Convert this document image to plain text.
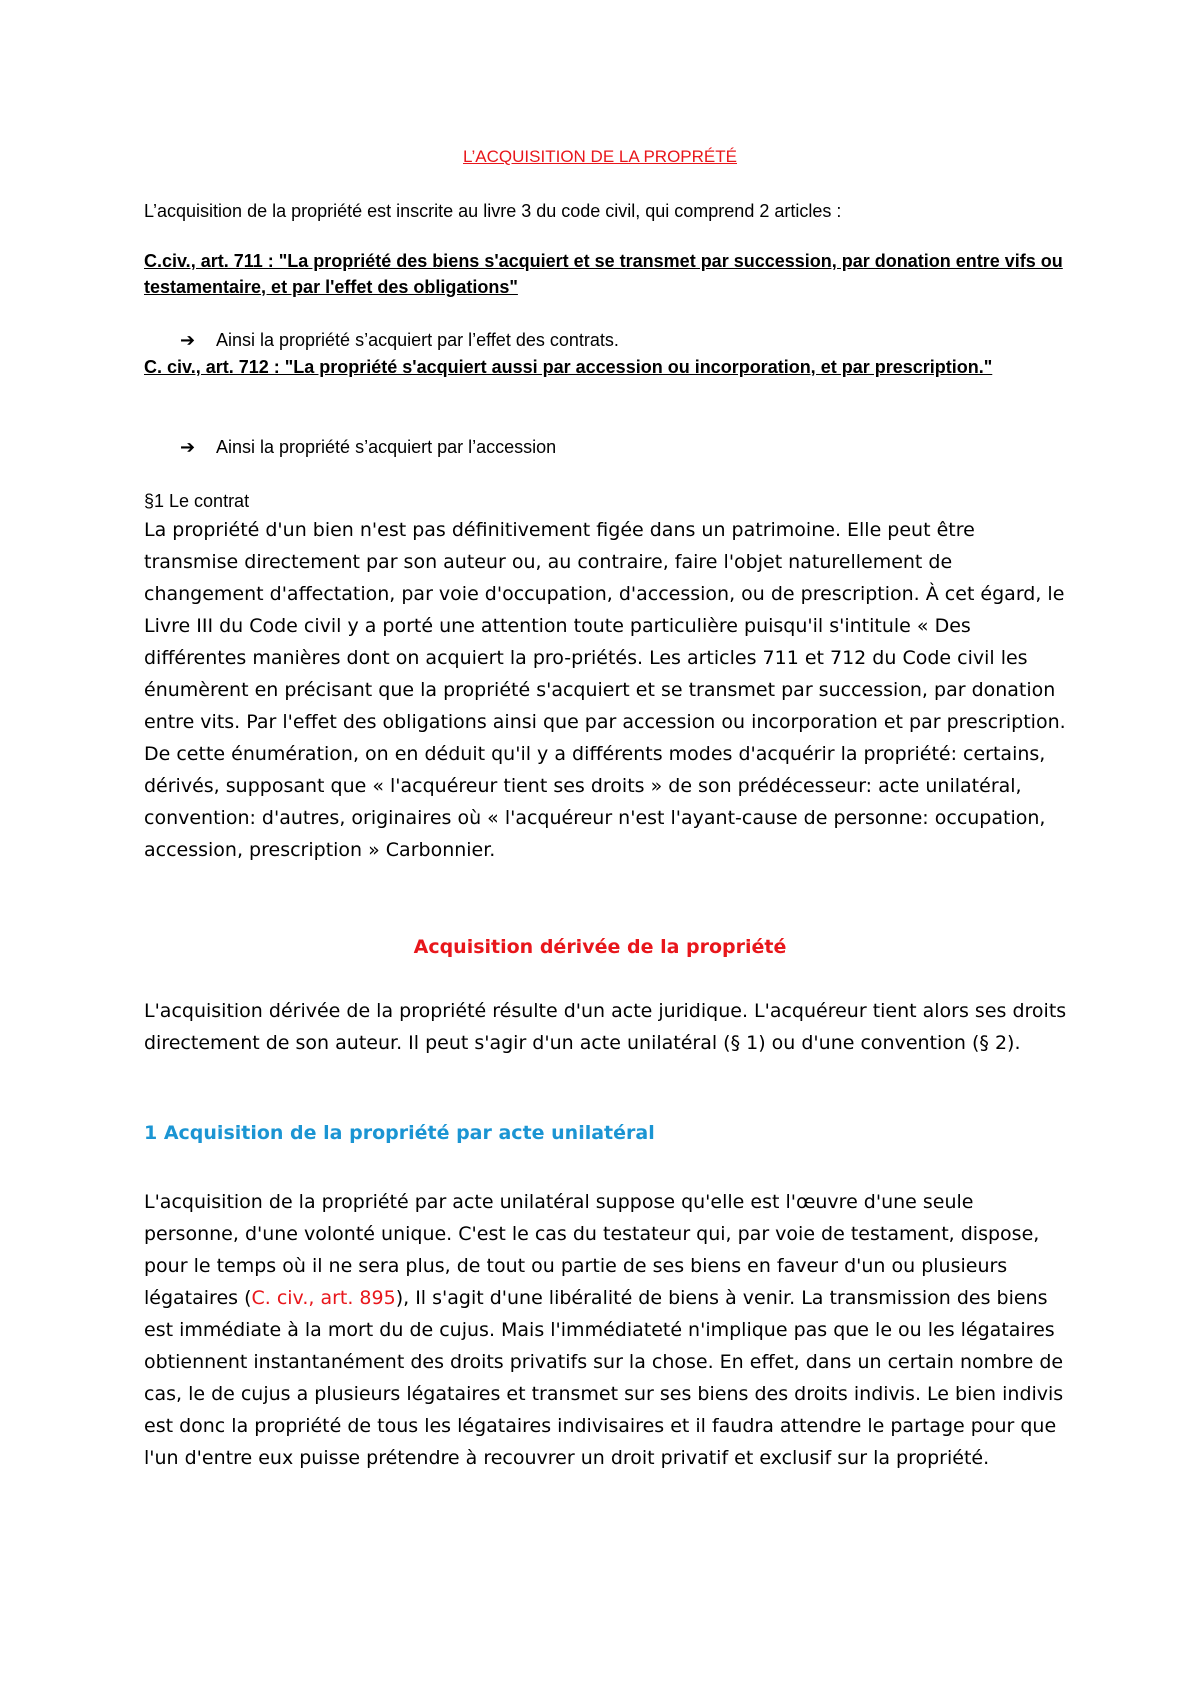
L’ACQUISITION DE LA PROPRÉTÉ

L’acquisition de la propriété est inscrite au livre 3 du code civil, qui comprend 2 articles :

C.civ., art. 711 : "La propriété des biens s'acquiert et se transmet par succession, par donation entre vifs ou testamentaire, et par l'effet des obligations"

➔ Ainsi la propriété s’acquiert par l’effet des contrats.

C. civ., art. 712 : "La propriété s'acquiert aussi par accession ou incorporation, et par prescription."

➔ Ainsi la propriété s’acquiert par l’accession

§1 Le contrat

La propriété d'un bien n'est pas définitivement figée dans un patrimoine. Elle peut être transmise directement par son auteur ou, au contraire, faire l'objet naturellement de changement d'affectation, par voie d'occupation, d'accession, ou de prescription. À cet égard, le Livre III du Code civil y a porté une attention toute particulière puisqu'il s'intitule « Des différentes manières dont on acquiert la pro-priétés. Les articles 711 et 712 du Code civil les énumèrent en précisant que la propriété s'acquiert et se transmet par succession, par donation entre vits. Par l'effet des obligations ainsi que par accession ou incorporation et par prescription. De cette énumération, on en déduit qu'il y a différents modes d'acquérir la propriété: certains, dérivés, supposant que « l'acquéreur tient ses droits » de son prédécesseur: acte unilatéral, convention: d'autres, originaires où « l'acquéreur n'est l'ayant-cause de personne: occupation, accession, prescription » Carbonnier.

Acquisition dérivée de la propriété

L'acquisition dérivée de la propriété résulte d'un acte juridique. L'acquéreur tient alors ses droits directement de son auteur. Il peut s'agir d'un acte unilatéral (§ 1) ou d'une convention (§ 2).

1 Acquisition de la propriété par acte unilatéral

L'acquisition de la propriété par acte unilatéral suppose qu'elle est l'œuvre d'une seule personne, d'une volonté unique. C'est le cas du testateur qui, par voie de testament, dispose, pour le temps où il ne sera plus, de tout ou partie de ses biens en faveur d'un ou plusieurs légataires (C. civ., art. 895), Il s'agit d'une libéralité de biens à venir. La transmission des biens est immédiate à la mort du de cujus. Mais l'immédiateté n'implique pas que le ou les légataires obtiennent instantanément des droits privatifs sur la chose. En effet, dans un certain nombre de cas, le de cujus a plusieurs légataires et transmet sur ses biens des droits indivis. Le bien indivis est donc la propriété de tous les légataires indivisaires et il faudra attendre le partage pour que l'un d'entre eux puisse prétendre à recouvrer un droit privatif et exclusif sur la propriété.
